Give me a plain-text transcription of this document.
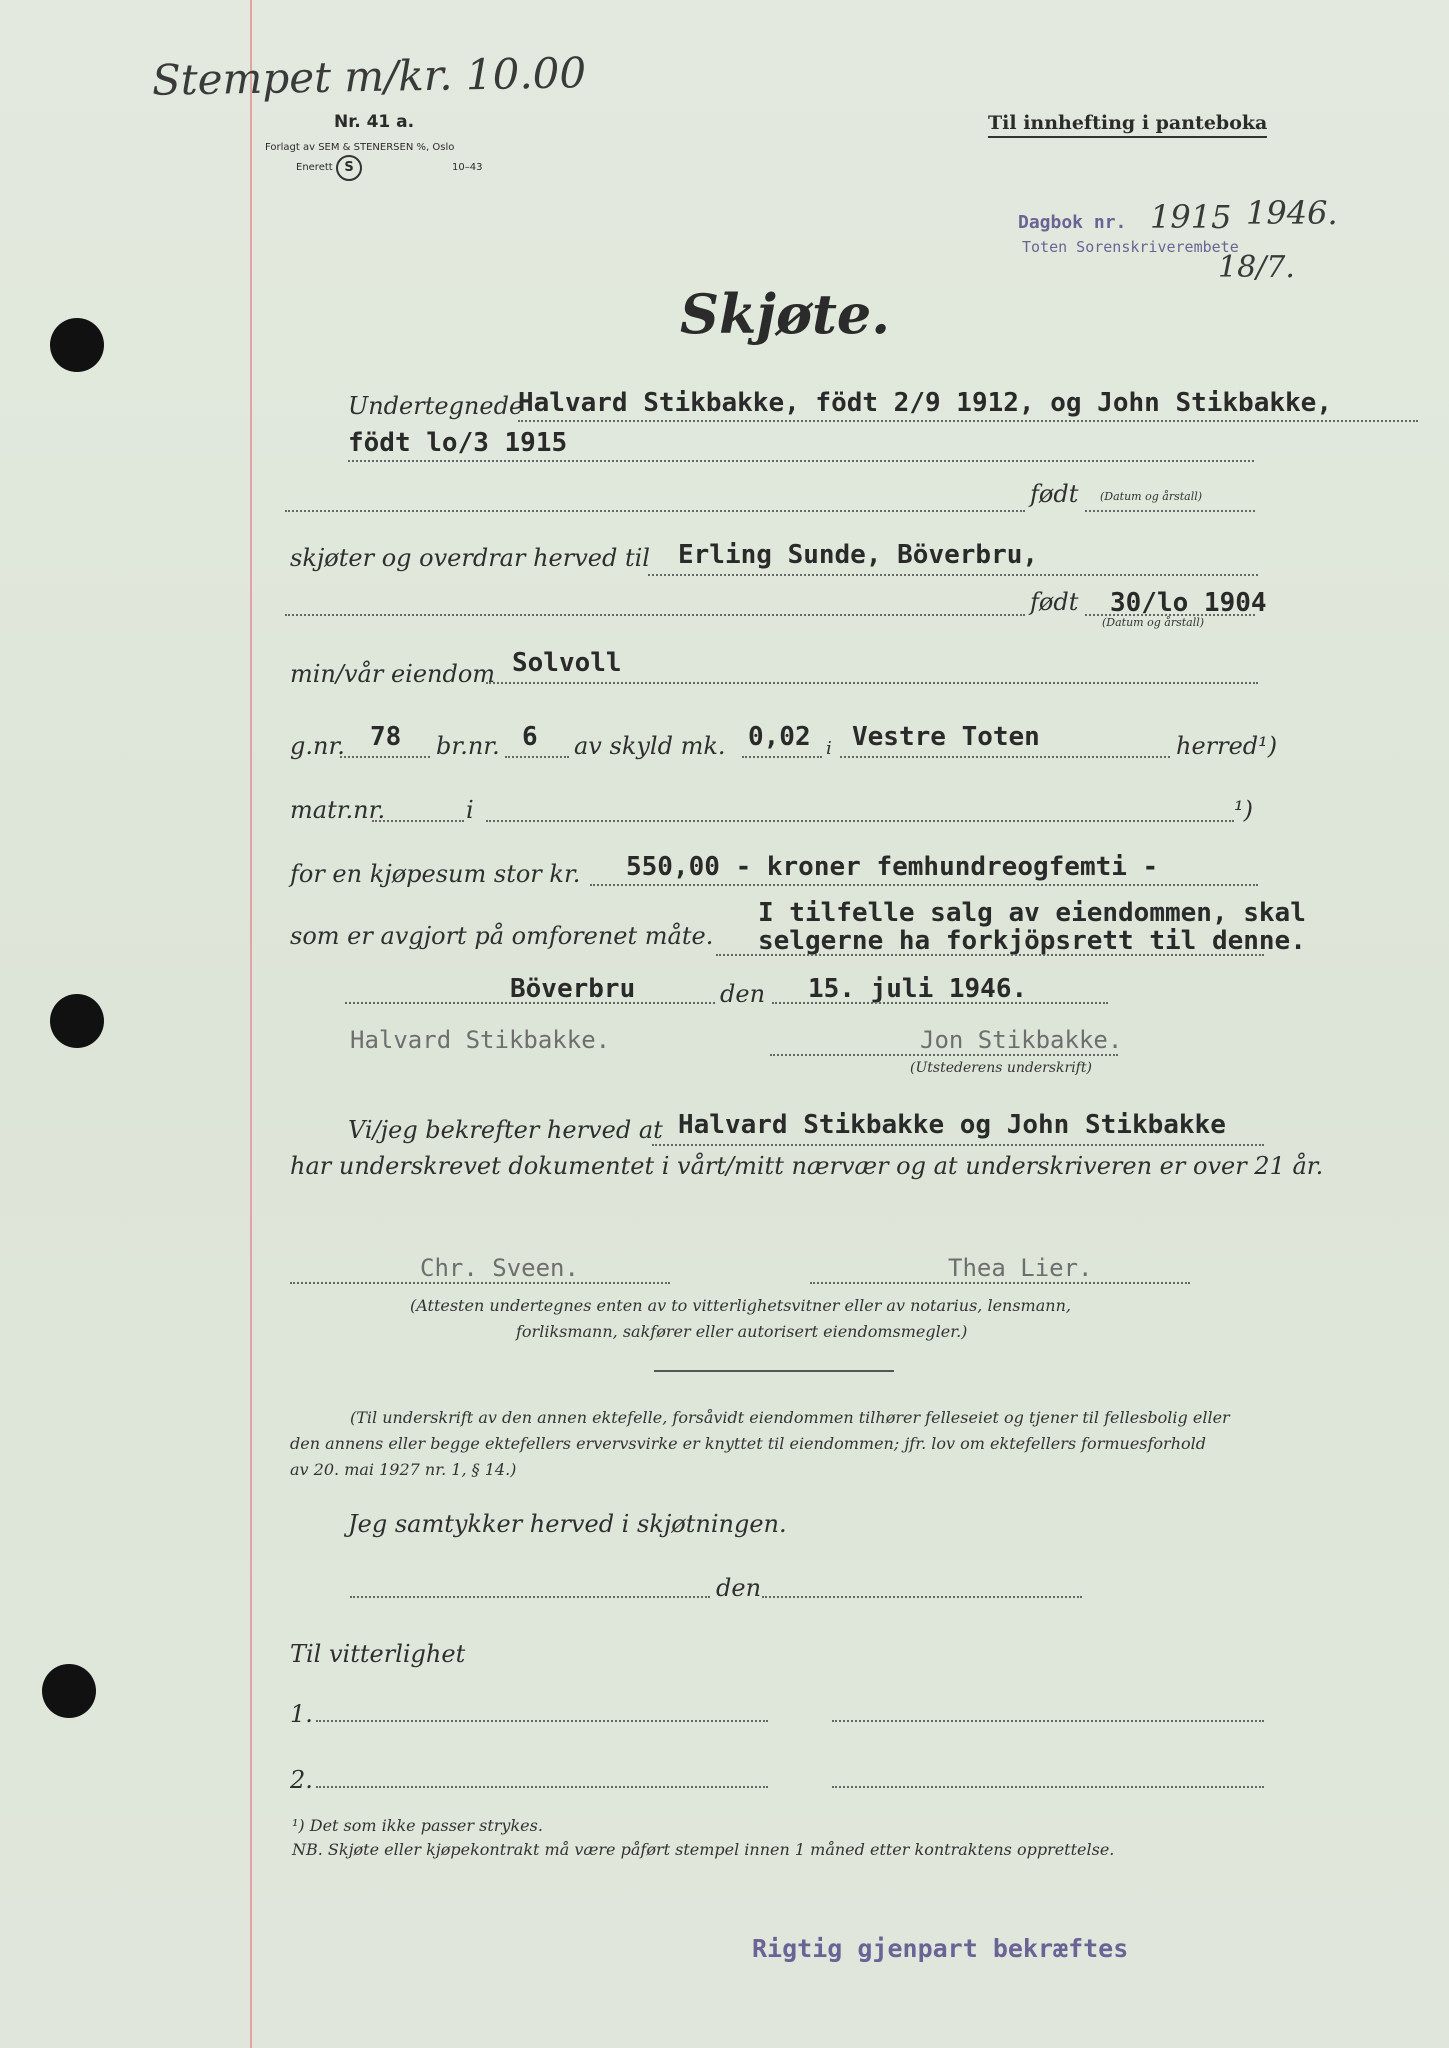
Stempet m/kr. 10.00
Nr. 41 a.
Forlagt av SEM & STENERSEN %, Oslo
Enerett S	10–43
Til innhefting i panteboka
Dagbok nr. 1915 1946.
Toten Sorenskriverembete
18/7.
Skjøte.
Undertegnede
Halvard Stikbakke, födt 2/9 1912, og John Stikbakke,
födt lo/3 1915
født (Datum og årstall)
skjøter og overdrar herved til Erling Sunde, Böverbru,
født 30/lo 1904
(Datum og årstall)
min/vår eiendom Solvoll
g.nr. 78 br.nr. 6 av skyld mk. 0,02 i Vestre Toten	herred¹)
matr.nr.	i	¹)
for en kjøpesum stor kr. 550,00 - kroner femhundreogfemti -
I tilfelle salg av eiendommen, skal
som er avgjort på omforenet måte. selgerne ha forkjöpsrett til denne.
Böverbru	den 15. juli 1946.
Halvard Stikbakke.	Jon Stikbakke.
(Utstederens underskrift)
Vi/jeg bekrefter herved at Halvard Stikbakke og John Stikbakke
har underskrevet dokumentet i vårt/mitt nærvær og at underskriveren er over 21 år.
Chr. Sveen.	Thea Lier.
(Attesten undertegnes enten av to vitterlighetsvitner eller av notarius, lensmann,
forliksmann, sakfører eller autorisert eiendomsmegler.)
(Til underskrift av den annen ektefelle, forsåvidt eiendommen tilhører felleseiet og tjener til fellesbolig eller
den annens eller begge ektefellers ervervsvirke er knyttet til eiendommen; jfr. lov om ektefellers formuesforhold
av 20. mai 1927 nr. 1, § 14.)
Jeg samtykker herved i skjøtningen.
den
Til vitterlighet
1.
2.
¹) Det som ikke passer strykes.
NB. Skjøte eller kjøpekontrakt må være påført stempel innen 1 måned etter kontraktens opprettelse.
Rigtig gjenpart bekræftes
